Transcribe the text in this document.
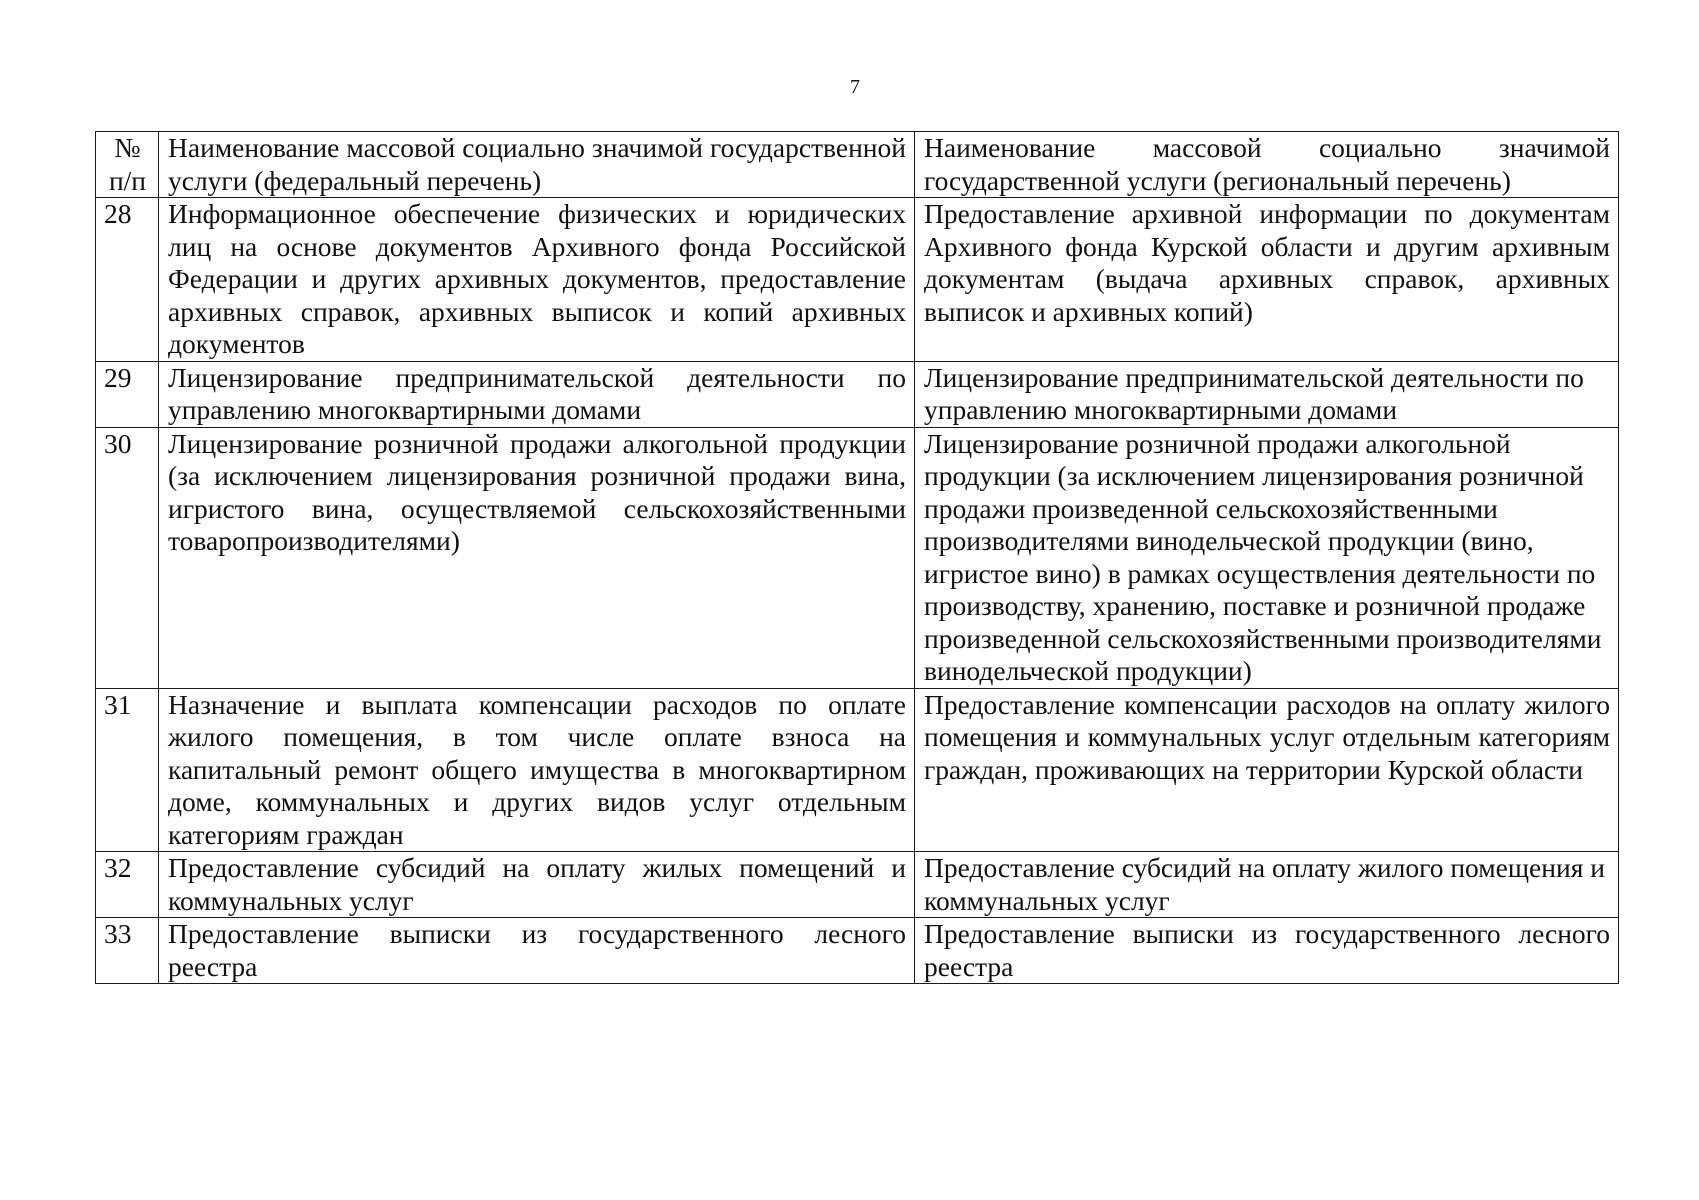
7
№
п/п	Наименование массовой социально значимой государственной услуги (федеральный перечень)	Наименование массовой социально значимой государственной услуги (региональный перечень)
28	Информационное обеспечение физических и юридических лиц на основе документов Архивного фонда Российской Федерации и других архивных документов, предоставление архивных справок, архивных выписок и копий архивных документов	Предоставление архивной информации по документам Архивного фонда Курской области и другим архивным документам (выдача архивных справок, архивных выписок и архивных копий)
29	Лицензирование предпринимательской деятельности по управлению многоквартирными домами	Лицензирование предпринимательской деятельности по управлению многоквартирными домами
30	Лицензирование розничной продажи алкогольной продукции (за исключением лицензирования розничной продажи вина, игристого вина, осуществляемой сельскохозяйственными товаропроизводителями)	Лицензирование розничной продажи алкогольной продукции (за исключением лицензирования розничной продажи произведенной сельскохозяйственными производителями винодельческой продукции (вино, игристое вино) в рамках осуществления деятельности по производству, хранению, поставке и розничной продаже произведенной сельскохозяйственными производителями винодельческой продукции)
31	Назначение и выплата компенсации расходов по оплате жилого помещения, в том числе оплате взноса на капитальный ремонт общего имущества в многоквартирном доме, коммунальных и других видов услуг отдельным категориям граждан	Предоставление компенсации расходов на оплату жилого помещения и коммунальных услуг отдельным категориям граждан, проживающих на территории Курской области
32	Предоставление субсидий на оплату жилых помещений и коммунальных услуг	Предоставление субсидий на оплату жилого помещения и коммунальных услуг
33	Предоставление выписки из государственного лесного реестра	Предоставление выписки из государственного лесного реестра
